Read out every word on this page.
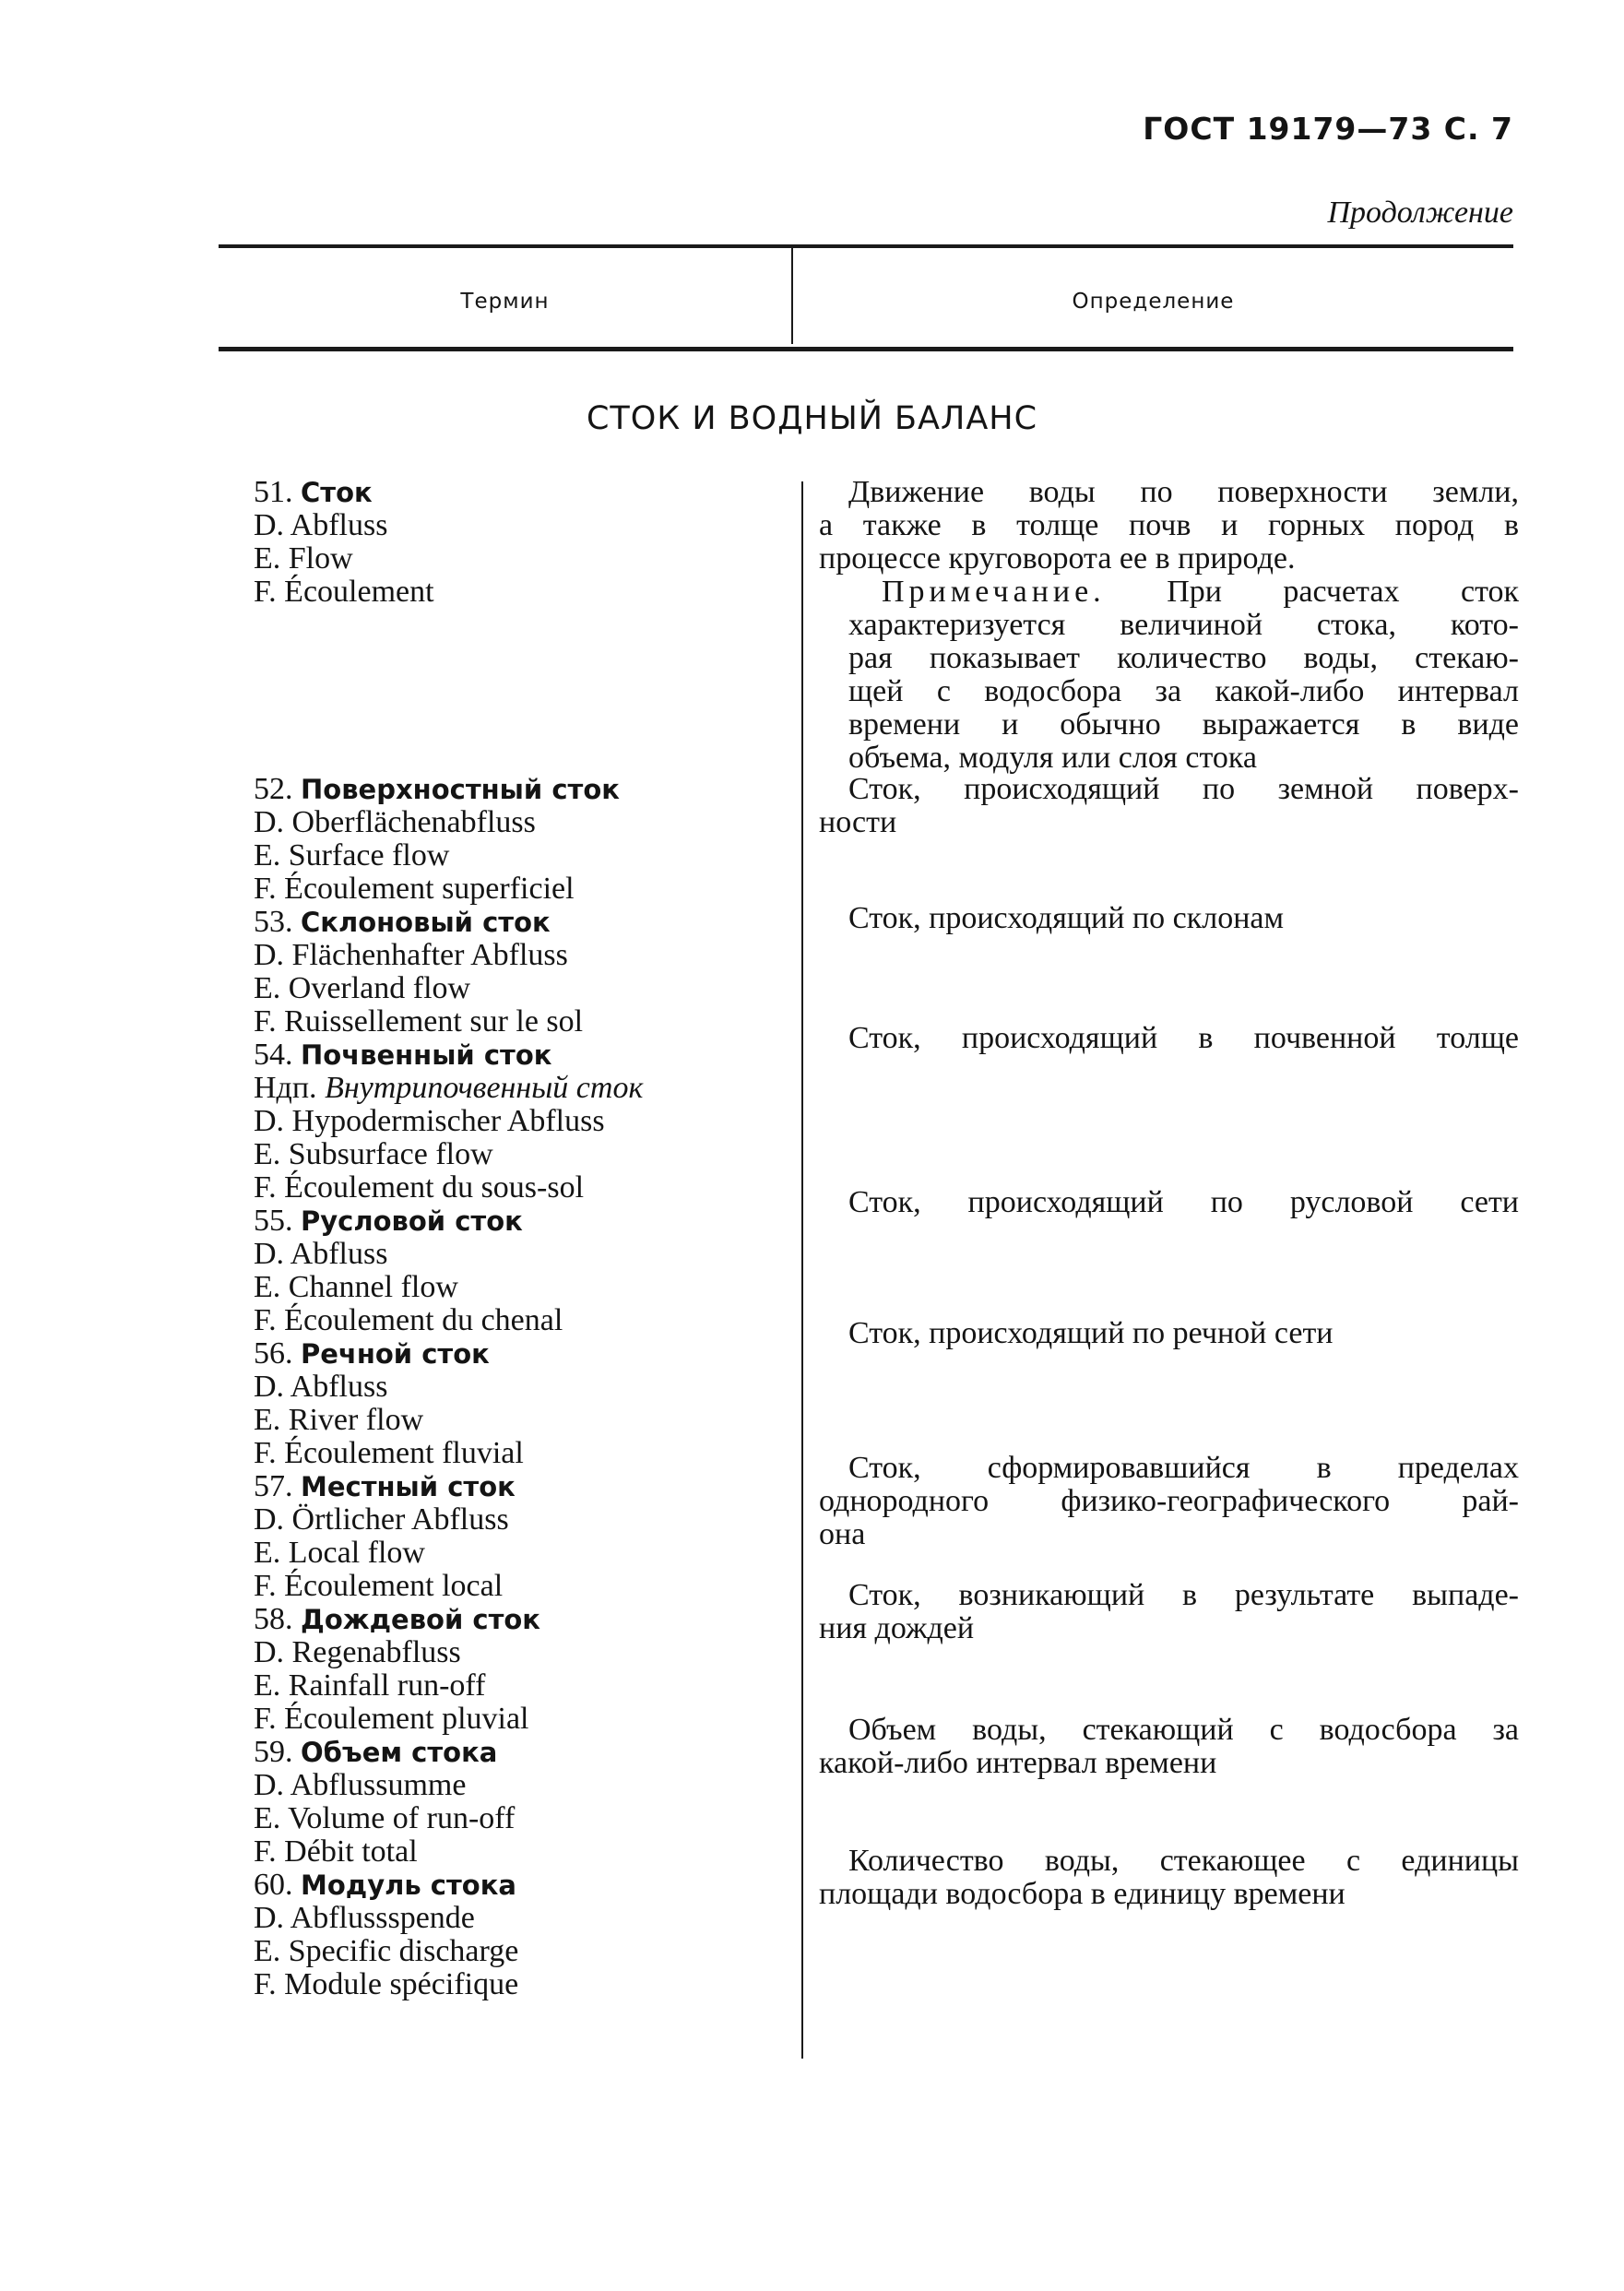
ГОСТ 19179—73 С. 7
Продолжение
Термин	Определение
СТОК И ВОДНЫЙ БАЛАНС
51. Сток
D. Abfluss
E. Flow
F. Écoulement
52. Поверхностный сток
D. Oberflächenabfluss
E. Surface flow
F. Écoulement superficiel
53. Склоновый сток
D. Flächenhafter Abfluss
E. Overland flow
F. Ruissellement sur le sol
54. Почвенный сток
Ндп. Внутрипочвенный сток
D. Hypodermischer Abfluss
E. Subsurface flow
F. Écoulement du sous-sol
55. Русловой сток
D. Abfluss
E. Channel flow
F. Écoulement du chenal
56. Речной сток
D. Abfluss
E. River flow
F. Écoulement fluvial
57. Местный сток
D. Örtlicher Abfluss
E. Local flow
F. Écoulement local
58. Дождевой сток
D. Regenabfluss
E. Rainfall run-off
F. Écoulement pluvial
59. Объем стока
D. Abflussumme
E. Volume of run-off
F. Débit total
60. Модуль стока
D. Abflussspende
E. Specific discharge
F. Module spécifique
Движение воды по поверхности земли,
а также в толще почв и горных пород в
процессе круговорота ее в природе.
Примечание. При расчетах сток
характеризуется величиной стока, кото-
рая показывает количество воды, стекаю-
щей с водосбора за какой-либо интервал
времени и обычно выражается в виде
объема, модуля или слоя стока
Сток, происходящий по земной поверх-
ности
Сток, происходящий по склонам
Сток, происходящий в почвенной толще
Сток, происходящий по русловой сети
Сток, происходящий по речной сети
Сток, сформировавшийся в пределах
однородного физико-географического рай-
она
Сток, возникающий в результате выпаде-
ния дождей
Объем воды, стекающий с водосбора за
какой-либо интервал времени
Количество воды, стекающее с единицы
площади водосбора в единицу времени
